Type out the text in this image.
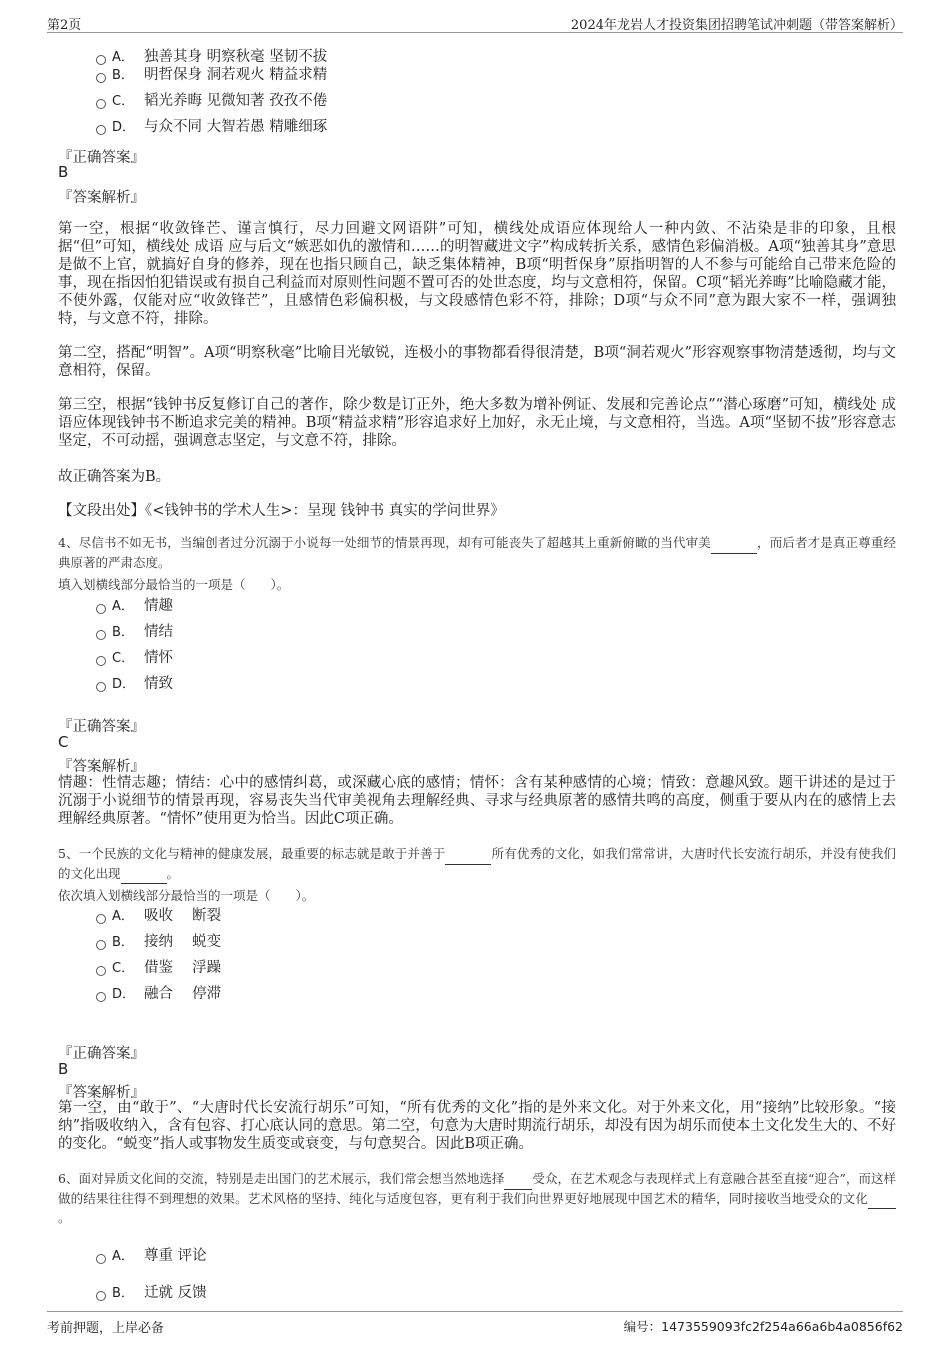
第2页	2024年龙岩人才投资集团招聘笔试冲刺题（带答案解析）
A． 独善其身 明察秋毫 坚韧不拔
B． 明哲保身 洞若观火 精益求精
C． 韬光养晦 见微知著 孜孜不倦
D． 与众不同 大智若愚 精雕细琢
『正确答案』
B
『答案解析』
第一空，根据“收敛锋芒、谨言慎行，尽力回避文网语阱”可知，横线处成语应体现给人一种内敛、不沾染是非的印象，且根据“但”可知，横线处 成语 应与后文“嫉恶如仇的激情和……的明智藏进文字”构成转折关系，感情色彩偏消极。A项“独善其身”意思是做不上官，就搞好自身的修养，现在也指只顾自己，缺乏集体精神，B项“明哲保身”原指明智的人不参与可能给自己带来危险的事，现在指因怕犯错误或有损自己利益而对原则性问题不置可否的处世态度，均与文意相符，保留。C项“韬光养晦”比喻隐藏才能，不使外露，仅能对应“收敛锋芒”，且感情色彩偏积极，与文段感情色彩不符，排除；D项“与众不同”意为跟大家不一样，强调独特，与文意不符，排除。
第二空，搭配“明智”。A项“明察秋毫”比喻目光敏锐，连极小的事物都看得很清楚，B项“洞若观火”形容观察事物清楚透彻，均与文意相符，保留。
第三空，根据“钱钟书反复修订自己的著作，除少数是订正外，绝大多数为增补例证、发展和完善论点”“潜心琢磨”可知，横线处 成语应体现钱钟书不断追求完美的精神。B项“精益求精”形容追求好上加好，永无止境，与文意相符，当选。A项“坚韧不拔”形容意志坚定，不可动摇，强调意志坚定，与文意不符，排除。
故正确答案为B。
【文段出处】《<钱钟书的学术人生>：呈现 钱钟书 真实的学问世界》
4、尽信书不如无书，当编创者过分沉溺于小说每一处细节的情景再现，却有可能丧失了超越其上重新俯瞰的当代审美	，而后者才是真正尊重经典原著的严肃态度。
填入划横线部分最恰当的一项是（　　）。
A． 情趣
B． 情结
C． 情怀
D． 情致
『正确答案』
C
『答案解析』
情趣：性情志趣；情结：心中的感情纠葛，或深藏心底的感情；情怀：含有某种感情的心境；情致：意趣风致。题干讲述的是过于沉溺于小说细节的情景再现，容易丧失当代审美视角去理解经典、寻求与经典原著的感情共鸣的高度，侧重于要从内在的感情上去理解经典原著。“情怀”使用更为恰当。因此C项正确。
5、一个民族的文化与精神的健康发展，最重要的标志就是敢于并善于	所有优秀的文化，如我们常常讲，大唐时代长安流行胡乐，并没有使我们的文化出现	。
依次填入划横线部分最恰当的一项是（　　）。
A． 吸收　 断裂
B． 接纳　 蜕变
C． 借鉴　 浮躁
D． 融合　 停滞
『正确答案』
B
『答案解析』
第一空，由“敢于”、“大唐时代长安流行胡乐”可知，“所有优秀的文化”指的是外来文化。对于外来文化，用“接纳”比较形象。“接纳”指吸收纳入，含有包容、打心底认同的意思。第二空，句意为大唐时期流行胡乐，却没有因为胡乐而使本土文化发生大的、不好的变化。“蜕变”指人或事物发生质变或衰变，与句意契合。因此B项正确。
6、面对异质文化间的交流，特别是走出国门的艺术展示，我们常会想当然地选择 受众，在艺术观念与表现样式上有意融合甚至直接“迎合”，而这样做的结果往往得不到理想的效果。艺术风格的坚持、纯化与适度包容，更有利于我们向世界更好地展现中国艺术的精华，同时接收当地受众的文化 。
A． 尊重 评论
B． 迁就 反馈
考前押题，上岸必备	编号：1473559093fc2f254a66a6b4a0856f62
